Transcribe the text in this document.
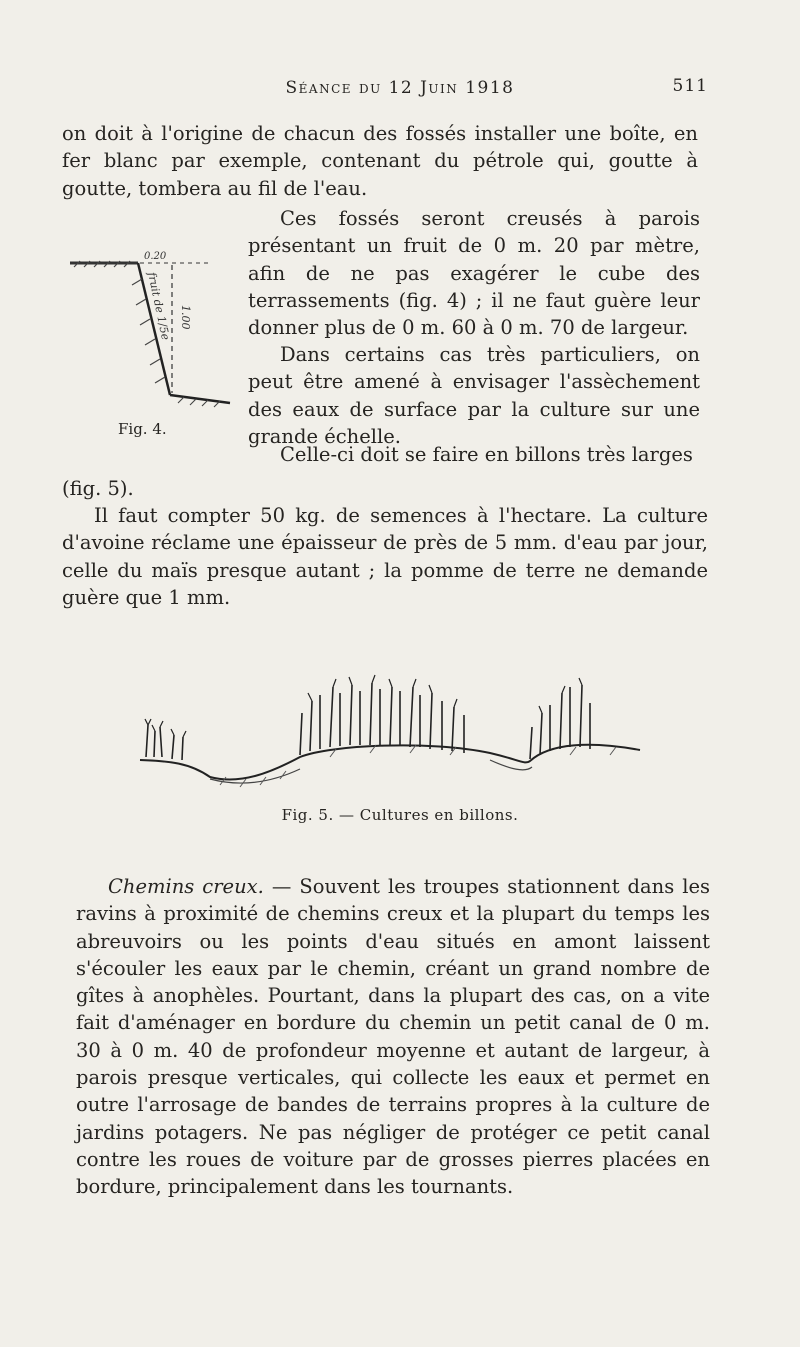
Séance du 12 Juin 1918	511

on doit à l'origine de chacun des fossés installer une boîte, en fer blanc par exemple, contenant du pétrole qui, goutte à goutte, tombera au fil de l'eau.

0.20
1.00
fruit de 1/5e
Fig. 4.

Ces fossés seront creusés à parois présentant un fruit de 0 m. 20 par mètre, afin de ne pas exagérer le cube des terrassements (fig. 4) ; il ne faut guère leur donner plus de 0 m. 60 à 0 m. 70 de largeur.

Dans certains cas très particuliers, on peut être amené à envisager l'assèchement des eaux de surface par la culture sur une grande échelle.

Celle-ci doit se faire en billons très larges

(fig. 5).

Il faut compter 50 kg. de semences à l'hectare. La culture d'avoine réclame une épaisseur de près de 5 mm. d'eau par jour, celle du maïs presque autant ; la pomme de terre ne demande guère que 1 mm.

Fig. 5. — Cultures en billons.

Chemins creux. — Souvent les troupes stationnent dans les ravins à proximité de chemins creux et la plupart du temps les abreuvoirs ou les points d'eau situés en amont laissent s'écouler les eaux par le chemin, créant un grand nombre de gîtes à anophèles. Pourtant, dans la plupart des cas, on a vite fait d'aménager en bordure du chemin un petit canal de 0 m. 30 à 0 m. 40 de profondeur moyenne et autant de largeur, à parois presque verticales, qui collecte les eaux et permet en outre l'arrosage de bandes de terrains propres à la culture de jardins potagers. Ne pas négliger de protéger ce petit canal contre les roues de voiture par de grosses pierres placées en bordure, principalement dans les tournants.
